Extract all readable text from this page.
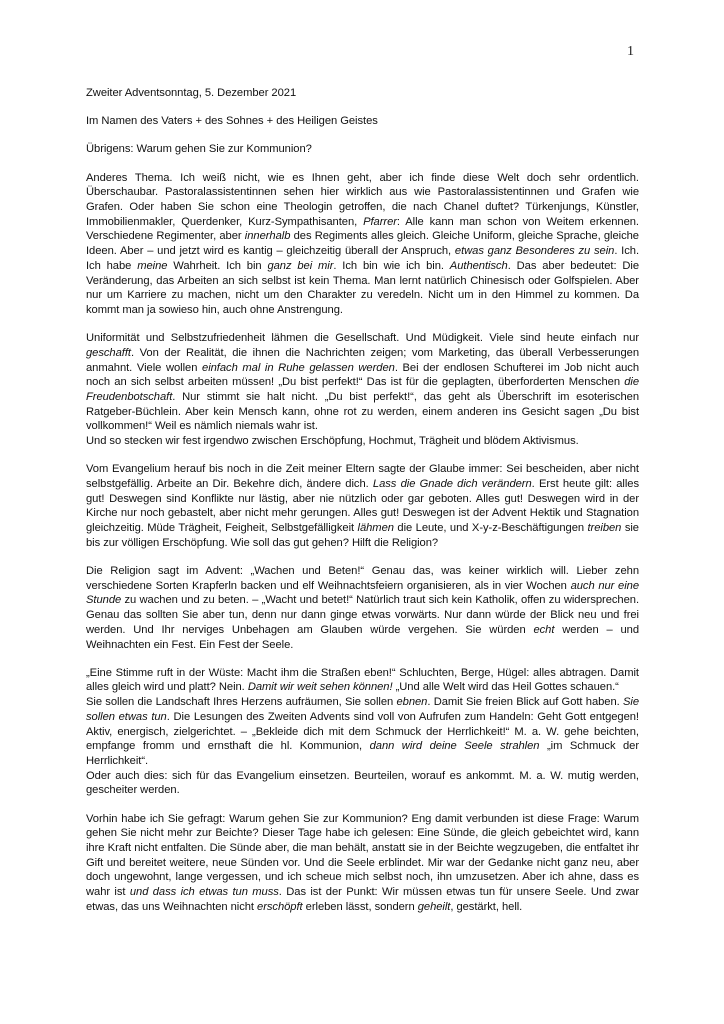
1

Zweiter Adventsonntag, 5. Dezember 2021

Im Namen des Vaters + des Sohnes + des Heiligen Geistes

Übrigens: Warum gehen Sie zur Kommunion?

Anderes Thema. Ich weiß nicht, wie es Ihnen geht, aber ich finde diese Welt doch sehr ordentlich. Überschaubar. Pastoralassistentinnen sehen hier wirklich aus wie Pastoralassistentinnen und Grafen wie Grafen. Oder haben Sie schon eine Theologin getroffen, die nach Chanel duftet? Türkenjungs, Künstler, Immobilienmakler, Querdenker, Kurz-Sympathisanten, Pfarrer: Alle kann man schon von Weitem erkennen. Verschiedene Regimenter, aber innerhalb des Regiments alles gleich. Gleiche Uniform, gleiche Sprache, gleiche Ideen. Aber – und jetzt wird es kantig – gleichzeitig überall der Anspruch, etwas ganz Besonderes zu sein. Ich. Ich habe meine Wahrheit. Ich bin ganz bei mir. Ich bin wie ich bin. Authentisch. Das aber bedeutet: Die Veränderung, das Arbeiten an sich selbst ist kein Thema. Man lernt natürlich Chinesisch oder Golfspielen. Aber nur um Karriere zu machen, nicht um den Charakter zu veredeln. Nicht um in den Himmel zu kommen. Da kommt man ja sowieso hin, auch ohne Anstrengung.

Uniformität und Selbstzufriedenheit lähmen die Gesellschaft. Und Müdigkeit. Viele sind heute einfach nur geschafft. Von der Realität, die ihnen die Nachrichten zeigen; vom Marketing, das überall Verbesserungen anmahnt. Viele wollen einfach mal in Ruhe gelassen werden. Bei der endlosen Schufterei im Job nicht auch noch an sich selbst arbeiten müssen! „Du bist perfekt!“ Das ist für die geplagten, überforderten Menschen die Freudenbotschaft. Nur stimmt sie halt nicht. „Du bist perfekt!“, das geht als Überschrift im esoterischen Ratgeber-Büchlein. Aber kein Mensch kann, ohne rot zu werden, einem anderen ins Gesicht sagen „Du bist vollkommen!“ Weil es nämlich niemals wahr ist.

Und so stecken wir fest irgendwo zwischen Erschöpfung, Hochmut, Trägheit und blödem Aktivismus.

Vom Evangelium herauf bis noch in die Zeit meiner Eltern sagte der Glaube immer: Sei bescheiden, aber nicht selbstgefällig. Arbeite an Dir. Bekehre dich, ändere dich. Lass die Gnade dich verändern. Erst heute gilt: alles gut! Deswegen sind Konflikte nur lästig, aber nie nützlich oder gar geboten. Alles gut! Deswegen wird in der Kirche nur noch gebastelt, aber nicht mehr gerungen. Alles gut! Deswegen ist der Advent Hektik und Stagnation gleichzeitig. Müde Trägheit, Feigheit, Selbstgefälligkeit lähmen die Leute, und X-y-z-Beschäftigungen treiben sie bis zur völligen Erschöpfung. Wie soll das gut gehen? Hilft die Religion?

Die Religion sagt im Advent: „Wachen und Beten!“ Genau das, was keiner wirklich will. Lieber zehn verschiedene Sorten Krapferln backen und elf Weihnachtsfeiern organisieren, als in vier Wochen auch nur eine Stunde zu wachen und zu beten. – „Wacht und betet!“ Natürlich traut sich kein Katholik, offen zu widersprechen. Genau das sollten Sie aber tun, denn nur dann ginge etwas vorwärts. Nur dann würde der Blick neu und frei werden. Und Ihr nerviges Unbehagen am Glauben würde vergehen. Sie würden echt werden – und Weihnachten ein Fest. Ein Fest der Seele.

„Eine Stimme ruft in der Wüste: Macht ihm die Straßen eben!“ Schluchten, Berge, Hügel: alles abtragen. Damit alles gleich wird und platt? Nein. Damit wir weit sehen können! „Und alle Welt wird das Heil Gottes schauen.“

Sie sollen die Landschaft Ihres Herzens aufräumen, Sie sollen ebnen. Damit Sie freien Blick auf Gott haben. Sie sollen etwas tun. Die Lesungen des Zweiten Advents sind voll von Aufrufen zum Handeln: Geht Gott entgegen! Aktiv, energisch, zielgerichtet. – „Bekleide dich mit dem Schmuck der Herrlichkeit!“ M. a. W. gehe beichten, empfange fromm und ernsthaft die hl. Kommunion, dann wird deine Seele strahlen „im Schmuck der Herrlichkeit“.

Oder auch dies: sich für das Evangelium einsetzen. Beurteilen, worauf es ankommt. M. a. W. mutig werden, gescheiter werden.

Vorhin habe ich Sie gefragt: Warum gehen Sie zur Kommunion? Eng damit verbunden ist diese Frage: Warum gehen Sie nicht mehr zur Beichte? Dieser Tage habe ich gelesen: Eine Sünde, die gleich gebeichtet wird, kann ihre Kraft nicht entfalten. Die Sünde aber, die man behält, anstatt sie in der Beichte wegzugeben, die entfaltet ihr Gift und bereitet weitere, neue Sünden vor. Und die Seele erblindet. Mir war der Gedanke nicht ganz neu, aber doch ungewohnt, lange vergessen, und ich scheue mich selbst noch, ihn umzusetzen. Aber ich ahne, dass es wahr ist und dass ich etwas tun muss. Das ist der Punkt: Wir müssen etwas tun für unsere Seele. Und zwar etwas, das uns Weihnachten nicht erschöpft erleben lässt, sondern geheilt, gestärkt, hell.
